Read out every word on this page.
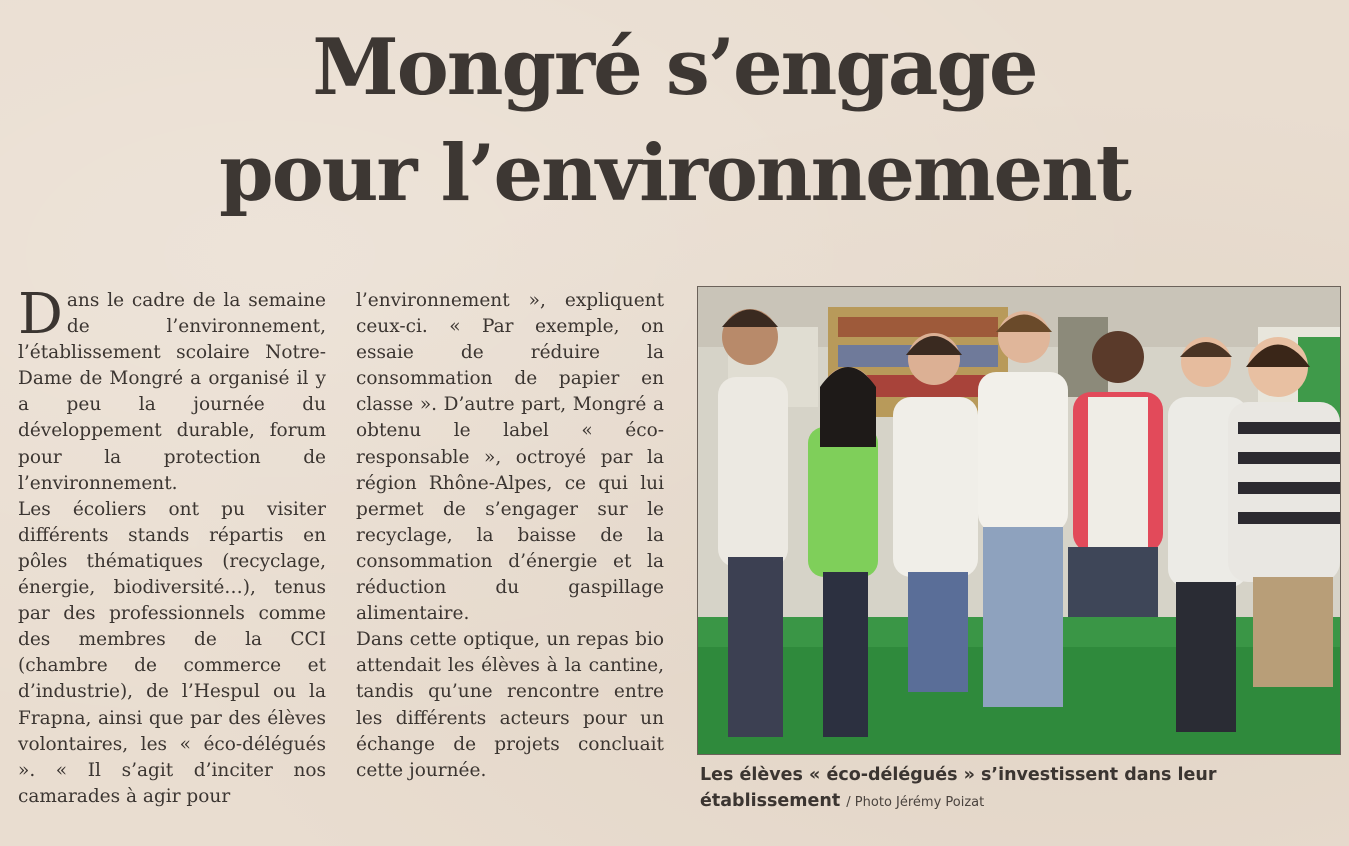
Mongré s’engage
pour l’environnement

Dans le cadre de la semaine de l’environnement, l’établissement scolaire Notre-Dame de Mongré a organisé il y a peu la journée du développement durable, forum pour la protection de l’environnement.

Les écoliers ont pu visiter différents stands répartis en pôles thématiques (recyclage, énergie, biodiversité…), tenus par des professionnels comme des membres de la CCI (chambre de commerce et d’industrie), de l’Hespul ou la Frapna, ainsi que par des élèves volontaires, les « éco-délégués ». « Il s’agit d’inciter nos camarades à agir pour

l’environnement », expliquent ceux-ci. « Par exemple, on essaie de réduire la consommation de papier en classe ». D’autre part, Mongré a obtenu le label « éco-responsable », octroyé par la région Rhône-Alpes, ce qui lui permet de s’engager sur le recyclage, la baisse de la consommation d’énergie et la réduction du gaspillage alimentaire.

Dans cette optique, un repas bio attendait les élèves à la cantine, tandis qu’une rencontre entre les différents acteurs pour un échange de projets concluait cette journée.	Les élèves « éco-délégués » s’investissent dans leur établissement / Photo Jérémy Poizat
